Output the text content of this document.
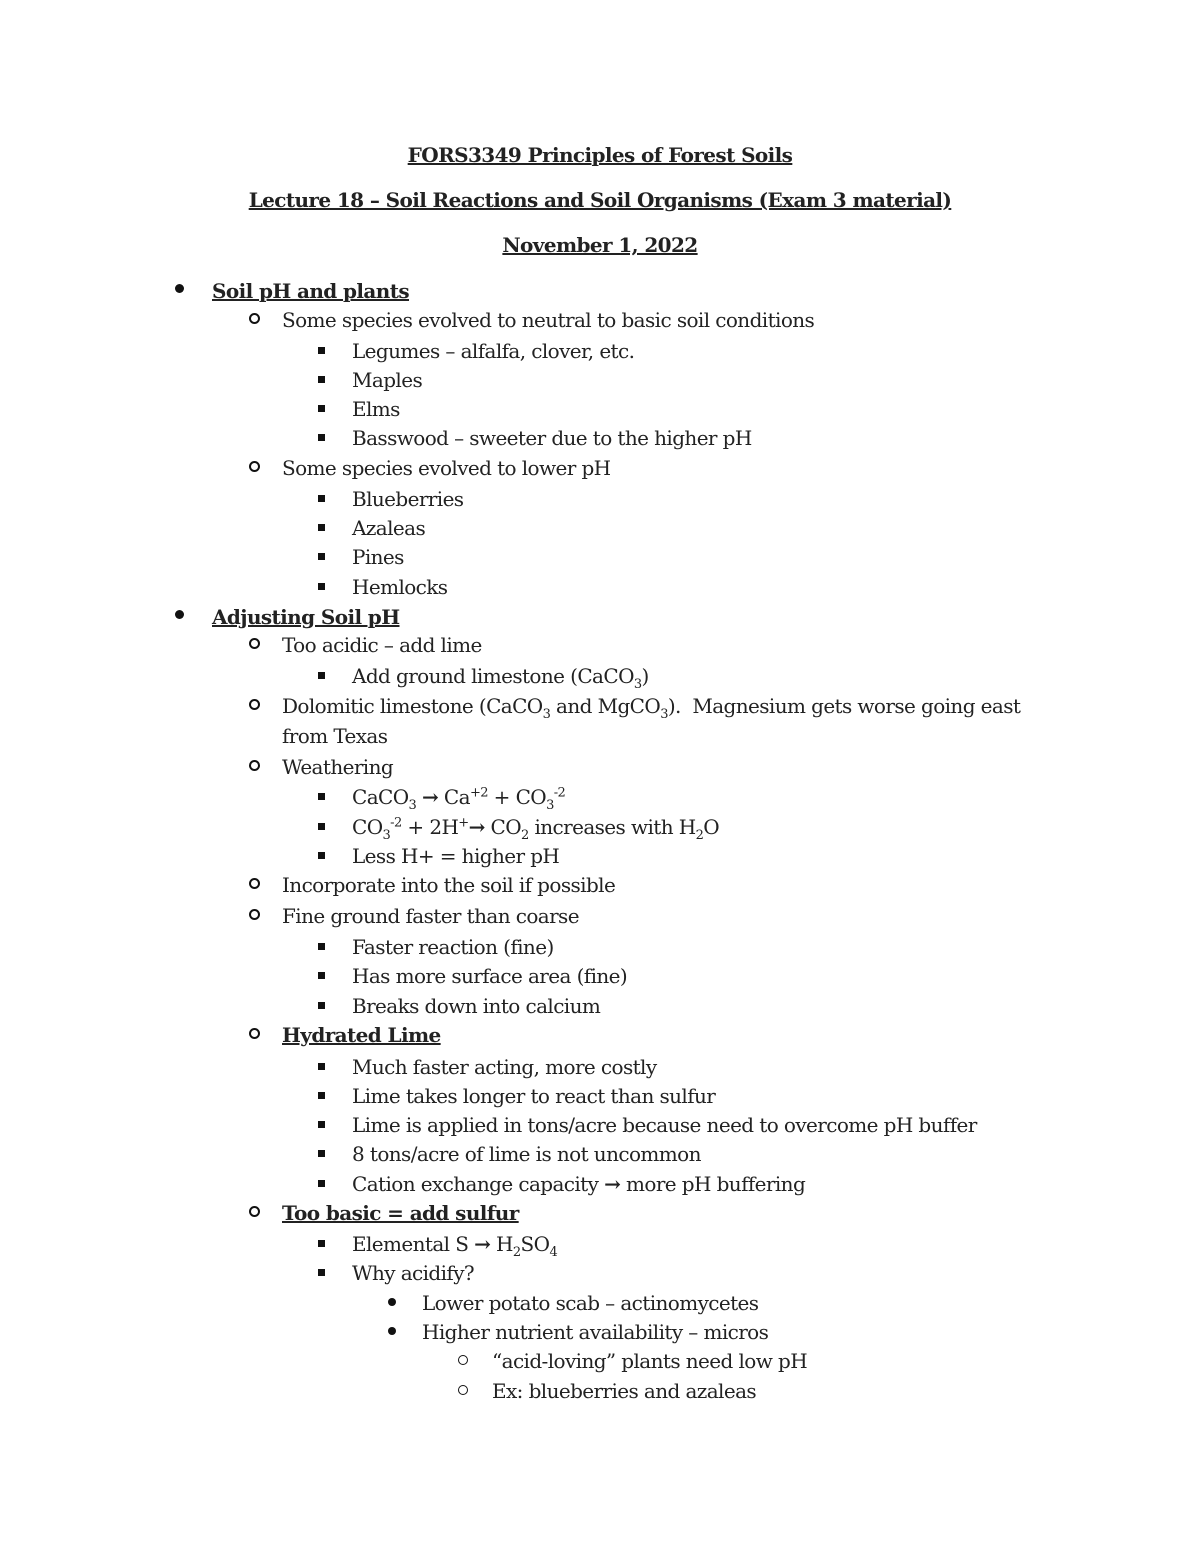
FORS3349 Principles of Forest Soils
Lecture 18 – Soil Reactions and Soil Organisms (Exam 3 material)
November 1, 2022
Soil pH and plants
Some species evolved to neutral to basic soil conditions
Legumes – alfalfa, clover, etc.
Maples
Elms
Basswood – sweeter due to the higher pH
Some species evolved to lower pH
Blueberries
Azaleas
Pines
Hemlocks
Adjusting Soil pH
Too acidic – add lime
Add ground limestone (CaCO$_3$)
Dolomitic limestone (CaCO$_3$ and MgCO$_3$).  Magnesium gets worse going east
from Texas
Weathering
CaCO$_3$ → $Ca^{+2} + CO_3^{-2}$
$CO_3^{-2} + 2H^+\to CO_2$ increases with $H_2O$
Less H+ = higher pH
Incorporate into the soil if possible
Fine ground faster than coarse
Faster reaction (fine)
Has more surface area (fine)
Breaks down into calcium
Hydrated Lime
Much faster acting, more costly
Lime takes longer to react than sulfur
Lime is applied in tons/acre because need to overcome pH buffer
8 tons/acre of lime is not uncommon
Cation exchange capacity → more pH buffering
Too basic = add sulfur
Elemental $S \to H_2SO_4$
Why acidify?
Lower potato scab – actinomycetes
Higher nutrient availability – micros
“acid-loving” plants need low pH
Ex: blueberries and azaleas
